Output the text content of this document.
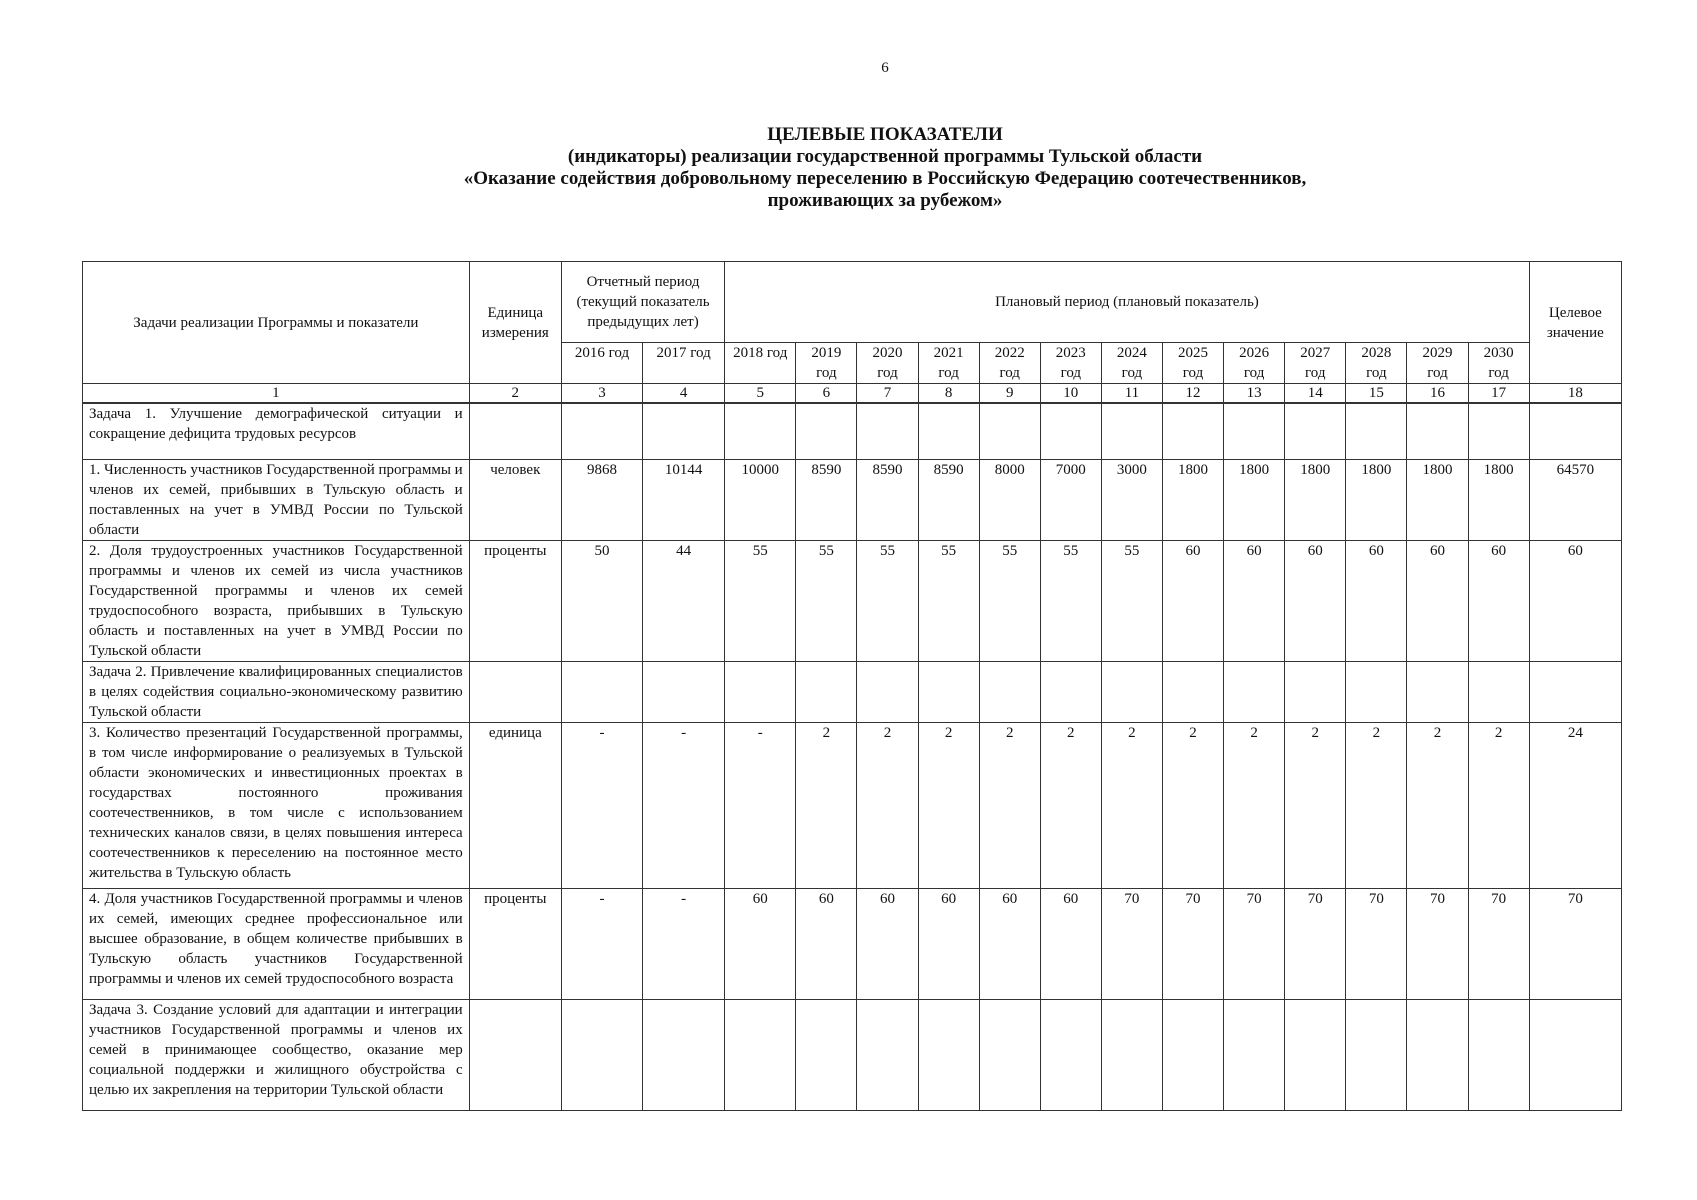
6
ЦЕЛЕВЫЕ ПОКАЗАТЕЛИ
(индикаторы) реализации государственной программы Тульской области
«Оказание содействия добровольному переселению в Российскую Федерацию соотечественников,
проживающих за рубежом»
Задачи реализации Программы и показатели	Единица измерения	Отчетный период (текущий показатель предыдущих лет)		Плановый период (плановый показатель)													Целевое значение
		2016 год	2017 год	2018 год	2019 год	2020 год	2021 год	2022 год	2023 год	2024 год	2025 год	2026 год	2027 год	2028 год	2029 год	2030 год	
1	2	3	4	5	6	7	8	9	10	11	12	13	14	15	16	17	18
Задача 1. Улучшение демографической ситуации и сокращение дефицита трудовых ресурсов																	
1. Численность участников Государственной программы и членов их семей, прибывших в Тульскую область и поставленных на учет в УМВД России по Тульской области	человек	9868	10144	10000	8590	8590	8590	8000	7000	3000	1800	1800	1800	1800	1800	1800	64570
2. Доля трудоустроенных участников Государственной программы и членов их семей из числа участников Государственной программы и членов их семей трудоспособного возраста, прибывших в Тульскую область и поставленных на учет в УМВД России по Тульской области	проценты	50	44	55	55	55	55	55	55	55	60	60	60	60	60	60	60
Задача 2. Привлечение квалифицированных специалистов в целях содействия социально-экономическому развитию Тульской области																	
3. Количество презентаций Государственной программы, в том числе информирование о реализуемых в Тульской области экономических и инвестиционных проектах в государствах постоянного проживания соотечественников, в том числе с использованием технических каналов связи, в целях повышения интереса соотечественников к переселению на постоянное место жительства в Тульскую область	единица	-	-	-	2	2	2	2	2	2	2	2	2	2	2	2	24
4. Доля участников Государственной программы и членов их семей, имеющих среднее профессиональное или высшее образование, в общем количестве прибывших в Тульскую область участников Государственной программы и членов их семей трудоспособного возраста	проценты	-	-	60	60	60	60	60	60	70	70	70	70	70	70	70	70
Задача 3. Создание условий для адаптации и интеграции участников Государственной программы и членов их семей в принимающее сообщество, оказание мер социальной поддержки и жилищного обустройства с целью их закрепления на территории Тульской области																	
